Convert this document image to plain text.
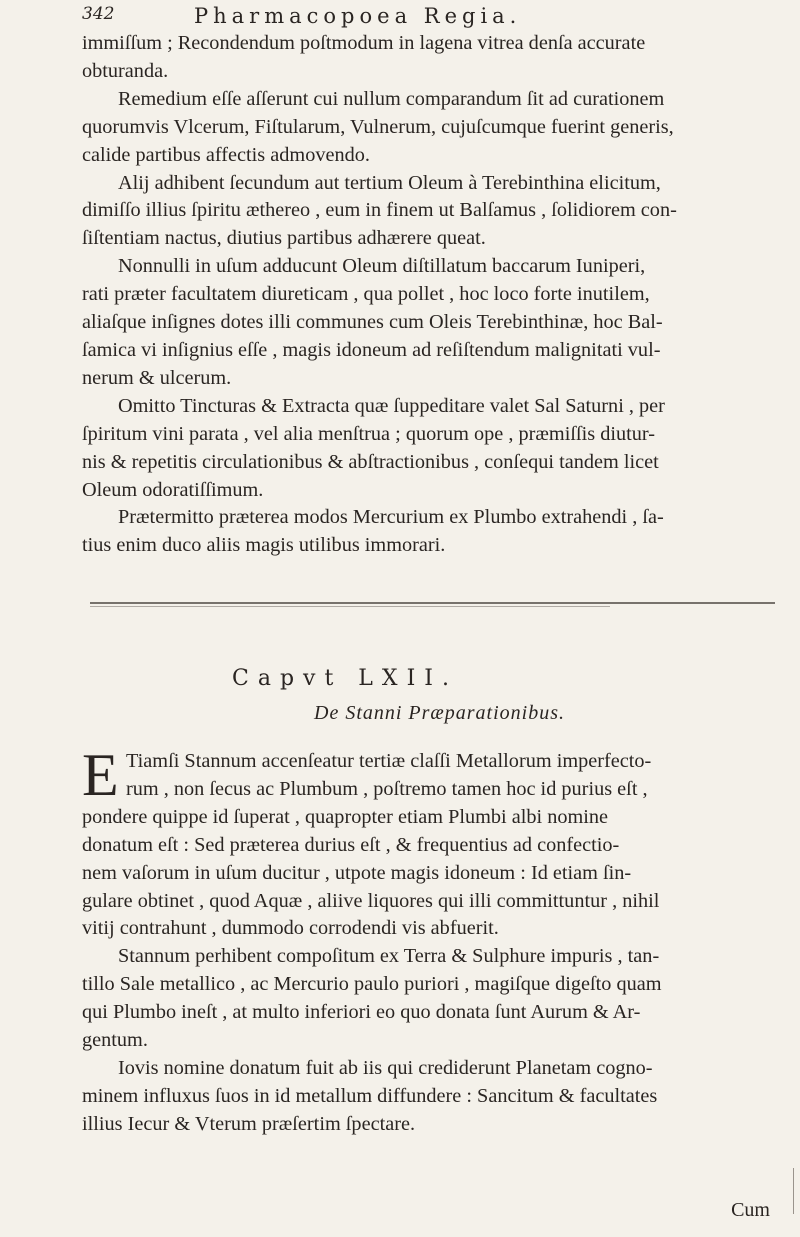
342	Pharmacopoea Regia.
immiſſum ; Recondendum poſtmodum in lagena vitrea denſa accurate
obturanda.
Remedium eſſe aſſerunt cui nullum comparandum ſit ad curationem
quorumvis Vlcerum, Fiſtularum, Vulnerum, cujuſcumque fuerint generis,
calide partibus affectis admovendo.
Alij adhibent ſecundum aut tertium Oleum à Terebinthina elicitum,
dimiſſo illius ſpiritu æthereo , eum in finem ut Balſamus , ſolidiorem con-
ſiſtentiam nactus, diutius partibus adhærere queat.
Nonnulli in uſum adducunt Oleum diſtillatum baccarum Iuniperi,
rati præter facultatem diureticam , qua pollet , hoc loco forte inutilem,
aliaſque inſignes dotes illi communes cum Oleis Terebinthinæ, hoc Bal-
ſamica vi inſignius eſſe , magis idoneum ad reſiſtendum malignitati vul-
nerum & ulcerum.
Omitto Tincturas & Extracta quæ ſuppeditare valet Sal Saturni , per
ſpiritum vini parata , vel alia menſtrua ; quorum ope , præmiſſis diutur-
nis & repetitis circulationibus & abſtractionibus , conſequi tandem licet
Oleum odoratiſſimum.
Prætermitto præterea modos Mercurium ex Plumbo extrahendi , ſa-
tius enim duco aliis magis utilibus immorari.
Capvt LXII.
De Stanni Præparationibus.
E Tiamſi Stannum accenſeatur tertiæ claſſi Metallorum imperfecto-
rum , non ſecus ac Plumbum , poſtremo tamen hoc id purius eſt ,
pondere quippe id ſuperat , quapropter etiam Plumbi albi nomine
donatum eſt : Sed præterea durius eſt , & frequentius ad confectio-
nem vaſorum in uſum ducitur , utpote magis idoneum : Id etiam ſin-
gulare obtinet , quod Aquæ , aliive liquores qui illi committuntur , nihil
vitij contrahunt , dummodo corrodendi vis abfuerit.
Stannum perhibent compoſitum ex Terra & Sulphure impuris , tan-
tillo Sale metallico , ac Mercurio paulo puriori , magiſque digeſto quam
qui Plumbo ineſt , at multo inferiori eo quo donata ſunt Aurum & Ar-
gentum.
Iovis nomine donatum fuit ab iis qui crediderunt Planetam cogno-
minem influxus ſuos in id metallum diffundere : Sancitum & facultates
illius Iecur & Vterum præſertim ſpectare.
Cum
